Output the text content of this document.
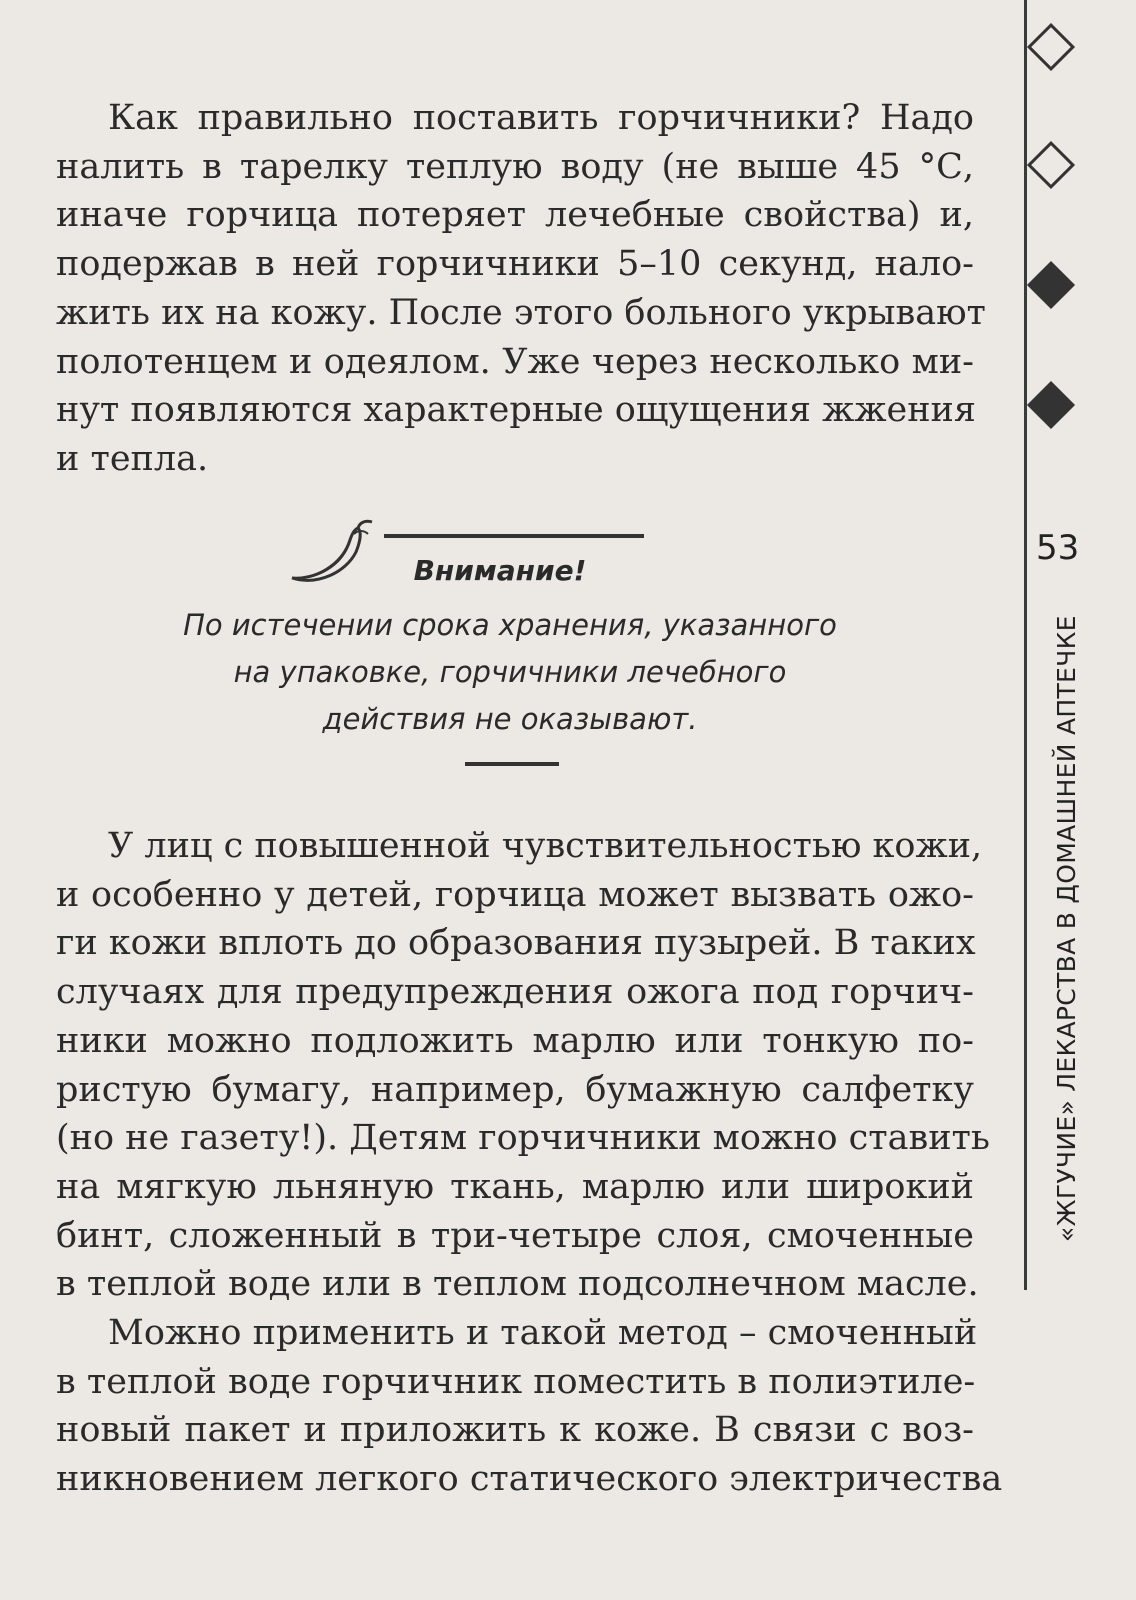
Как правильно поставить горчичники? Надо
налить в тарелку теплую воду (не выше 45 °С,
иначе горчица потеряет лечебные свойства) и,
подержав в ней горчичники 5–10 секунд, нало-
жить их на кожу. После этого больного укрывают
полотенцем и одеялом. Уже через несколько ми-
нут появляются характерные ощущения жжения
и тепла.
Внимание!
По истечении срока хранения, указанного
на упаковке, горчичники лечебного
действия не оказывают.
У лиц с повышенной чувствительностью кожи,
и особенно у детей, горчица может вызвать ожо-
ги кожи вплоть до образования пузырей. В таких
случаях для предупреждения ожога под горчич-
ники можно подложить марлю или тонкую по-
ристую бумагу, например, бумажную салфетку
(но не газету!). Детям горчичники можно ставить
на мягкую льняную ткань, марлю или широкий
бинт, сложенный в три-четыре слоя, смоченные
в теплой воде или в теплом подсолнечном масле.
Можно применить и такой метод – смоченный
в теплой воде горчичник поместить в полиэтиле-
новый пакет и приложить к коже. В связи с воз-
никновением легкого статического электричества
53
«ЖГУЧИЕ» ЛЕКАРСТВА В ДОМАШНЕЙ АПТЕЧКЕ
